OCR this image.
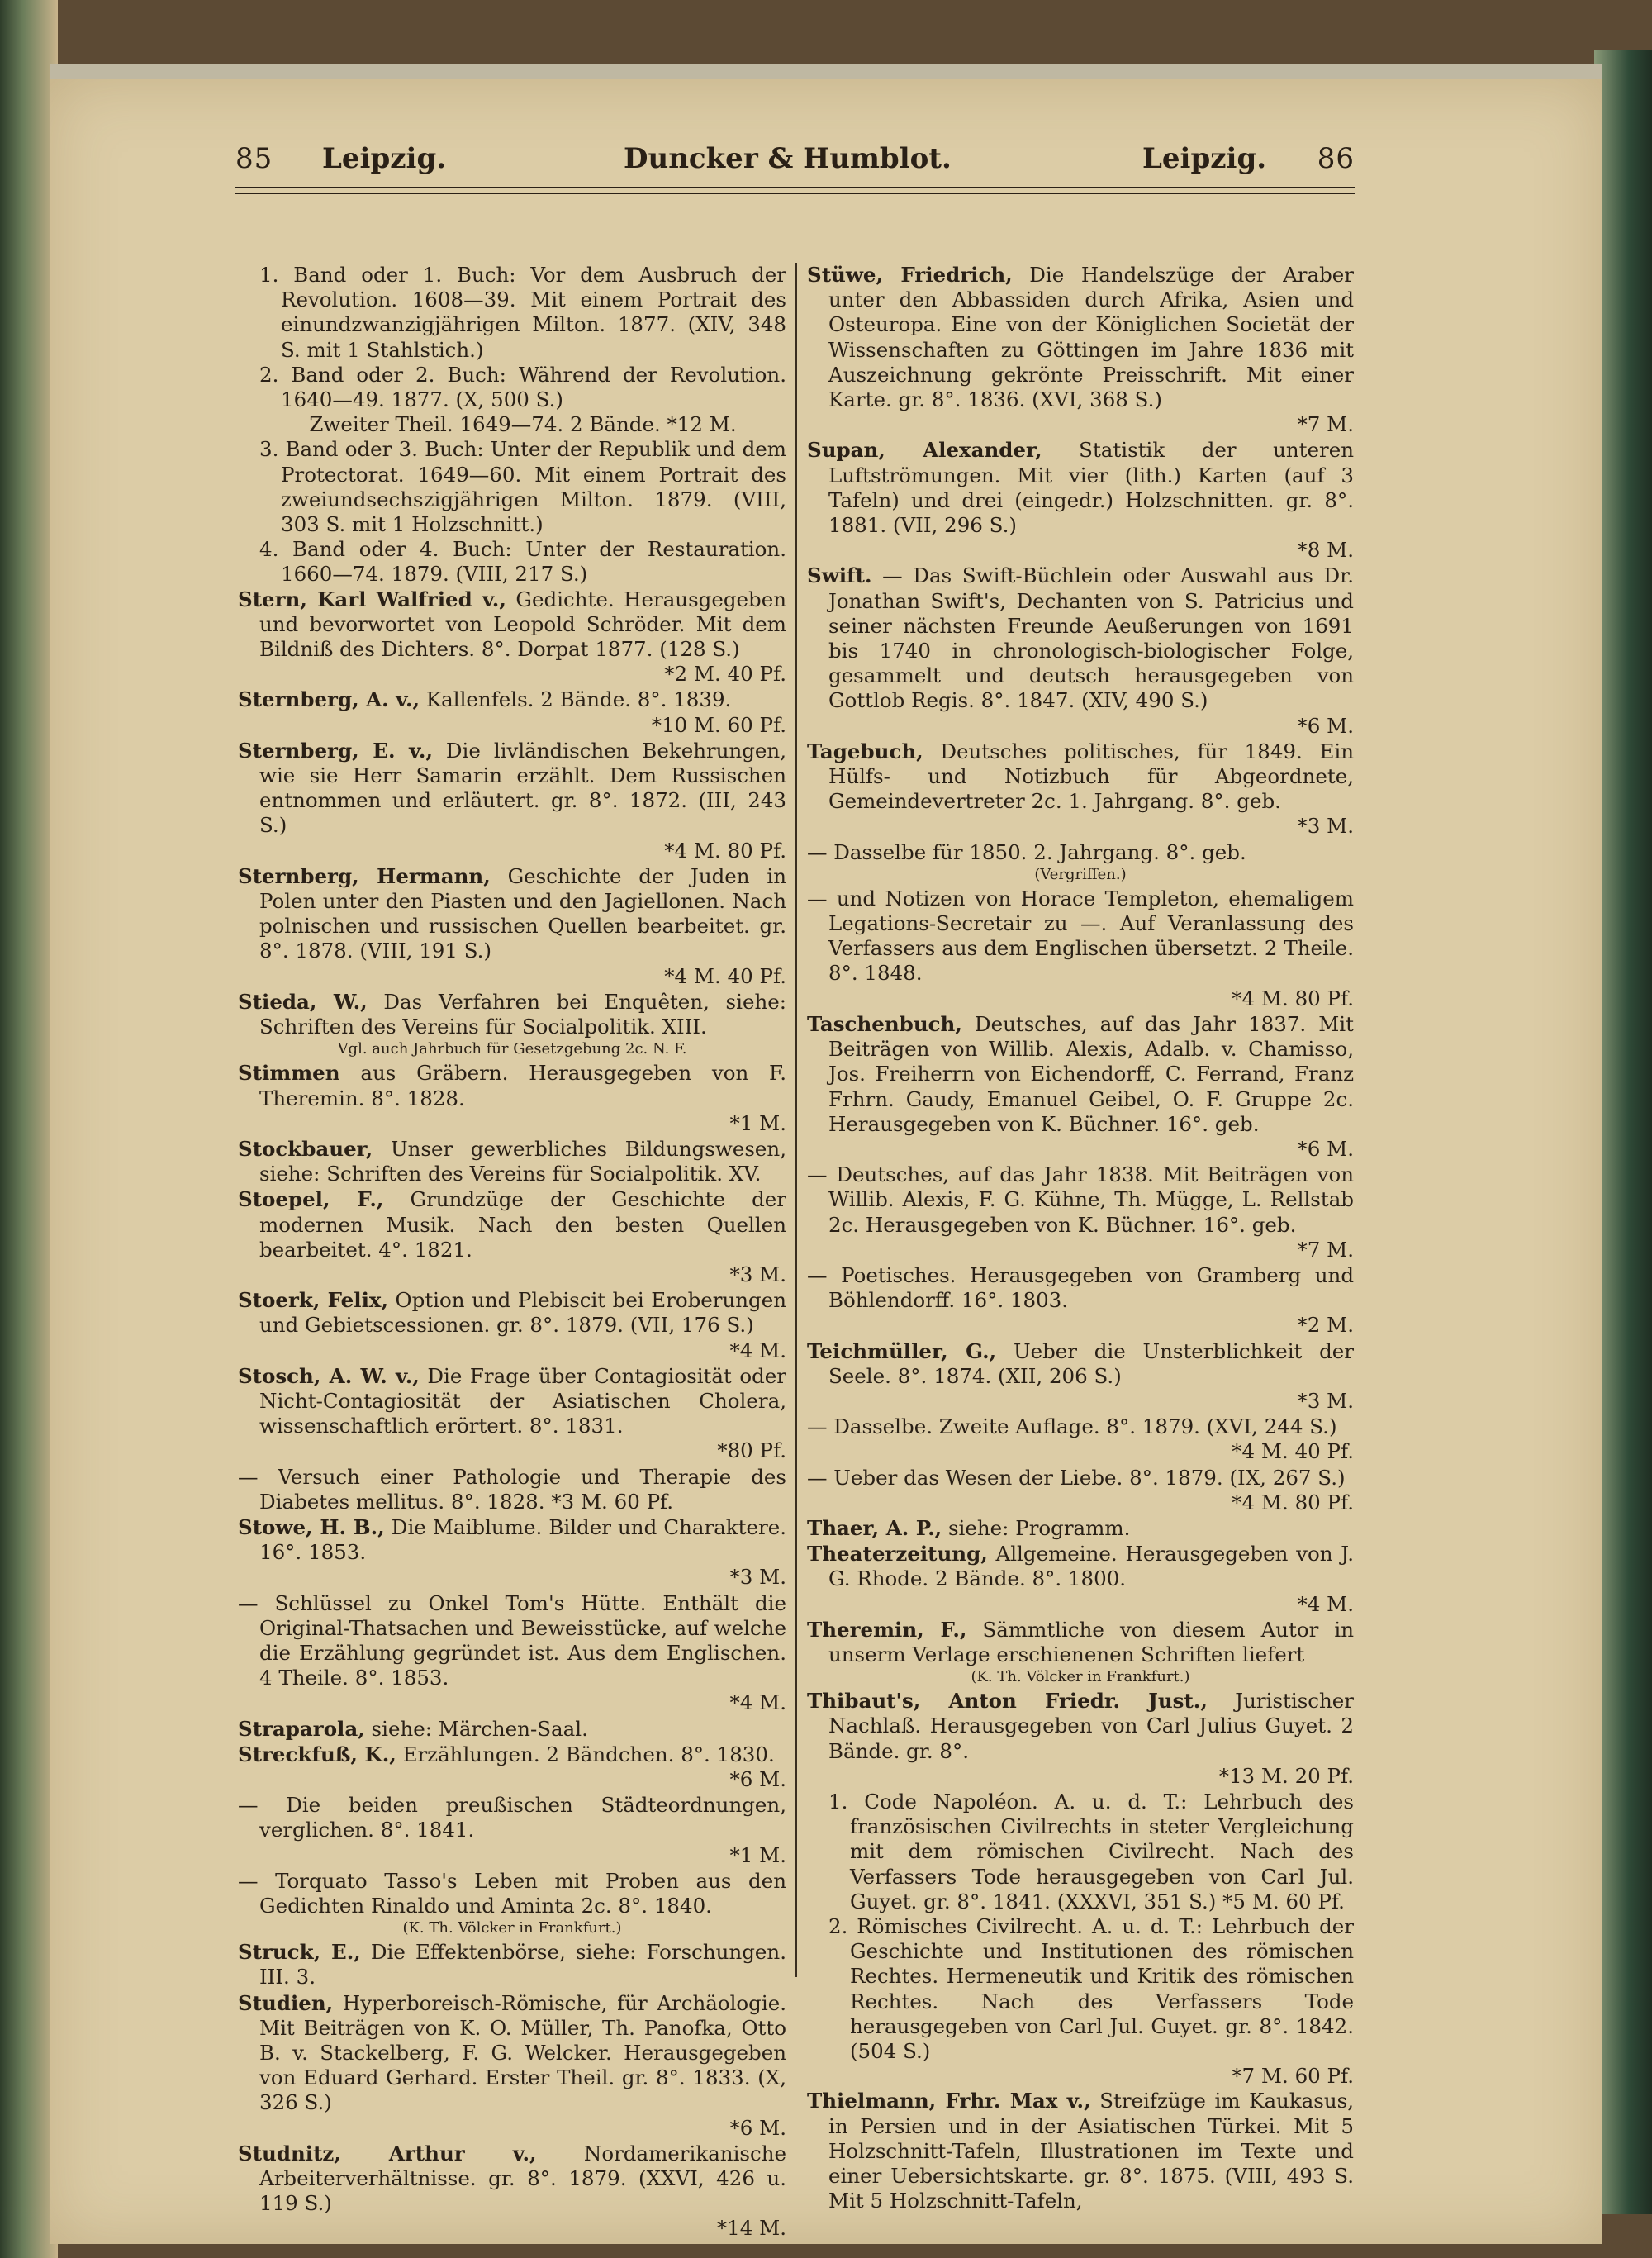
85 Leipzig.	Duncker & Humblot.	Leipzig. 86

1. Band oder 1. Buch: Vor dem Ausbruch der Revolution. 1608—39. Mit einem Portrait des einundzwanzigjährigen Milton. 1877. (XIV, 348 S. mit 1 Stahlstich.)

2. Band oder 2. Buch: Während der Revolution. 1640—49. 1877. (X, 500 S.)

Zweiter Theil. 1649—74. 2 Bände. *12 M.

3. Band oder 3. Buch: Unter der Republik und dem Protectorat. 1649—60. Mit einem Portrait des zweiundsechszigjährigen Milton. 1879. (VIII, 303 S. mit 1 Holzschnitt.)

4. Band oder 4. Buch: Unter der Restauration. 1660—74. 1879. (VIII, 217 S.)

Stern, Karl Walfried v., Gedichte. Herausgegeben und bevorwortet von Leopold Schröder. Mit dem Bildniß des Dichters. 8°. Dorpat 1877. (128 S.)
*2 M. 40 Pf.

Sternberg, A. v., Kallenfels. 2 Bände. 8°. 1839.
*10 M. 60 Pf.

Sternberg, E. v., Die livländischen Bekehrungen, wie sie Herr Samarin erzählt. Dem Russischen entnommen und erläutert. gr. 8°. 1872. (III, 243 S.)
*4 M. 80 Pf.

Sternberg, Hermann, Geschichte der Juden in Polen unter den Piasten und den Jagiellonen. Nach polnischen und russischen Quellen bearbeitet. gr. 8°. 1878. (VIII, 191 S.)
*4 M. 40 Pf.

Stieda, W., Das Verfahren bei Enquêten, siehe: Schriften des Vereins für Socialpolitik. XIII.

Vgl. auch Jahrbuch für Gesetzgebung 2c. N. F.

Stimmen aus Gräbern. Herausgegeben von F. Theremin. 8°. 1828.
*1 M.

Stockbauer, Unser gewerbliches Bildungswesen, siehe: Schriften des Vereins für Socialpolitik. XV.

Stoepel, F., Grundzüge der Geschichte der modernen Musik. Nach den besten Quellen bearbeitet. 4°. 1821.
*3 M.

Stoerk, Felix, Option und Plebiscit bei Eroberungen und Gebietscessionen. gr. 8°. 1879. (VII, 176 S.)
*4 M.

Stosch, A. W. v., Die Frage über Contagiosität oder Nicht-Contagiosität der Asiatischen Cholera, wissenschaftlich erörtert. 8°. 1831.
*80 Pf.

— Versuch einer Pathologie und Therapie des Diabetes mellitus. 8°. 1828. *3 M. 60 Pf.

Stowe, H. B., Die Maiblume. Bilder und Charaktere. 16°. 1853.
*3 M.

— Schlüssel zu Onkel Tom's Hütte. Enthält die Original-Thatsachen und Beweisstücke, auf welche die Erzählung gegründet ist. Aus dem Englischen. 4 Theile. 8°. 1853.
*4 M.

Straparola, siehe: Märchen-Saal.

Streckfuß, K., Erzählungen. 2 Bändchen. 8°. 1830.
*6 M.

— Die beiden preußischen Städteordnungen, verglichen. 8°. 1841.
*1 M.

— Torquato Tasso's Leben mit Proben aus den Gedichten Rinaldo und Aminta 2c. 8°. 1840.

(K. Th. Völcker in Frankfurt.)

Struck, E., Die Effektenbörse, siehe: Forschungen. III. 3.

Studien, Hyperboreisch-Römische, für Archäologie. Mit Beiträgen von K. O. Müller, Th. Panofka, Otto B. v. Stackelberg, F. G. Welcker. Herausgegeben von Eduard Gerhard. Erster Theil. gr. 8°. 1833. (X, 326 S.)
*6 M.

Studnitz, Arthur v., Nordamerikanische Arbeiterverhältnisse. gr. 8°. 1879. (XXVI, 426 u. 119 S.)
*14 M.

Stüwe, Friedrich, Die Handelszüge der Araber unter den Abbassiden durch Afrika, Asien und Osteuropa. Eine von der Königlichen Societät der Wissenschaften zu Göttingen im Jahre 1836 mit Auszeichnung gekrönte Preisschrift. Mit einer Karte. gr. 8°. 1836. (XVI, 368 S.)
*7 M.

Supan, Alexander, Statistik der unteren Luftströmungen. Mit vier (lith.) Karten (auf 3 Tafeln) und drei (eingedr.) Holzschnitten. gr. 8°. 1881. (VII, 296 S.)
*8 M.

Swift. — Das Swift-Büchlein oder Auswahl aus Dr. Jonathan Swift's, Dechanten von S. Patricius und seiner nächsten Freunde Aeußerungen von 1691 bis 1740 in chronologisch-biologischer Folge, gesammelt und deutsch herausgegeben von Gottlob Regis. 8°. 1847. (XIV, 490 S.)
*6 M.

Tagebuch, Deutsches politisches, für 1849. Ein Hülfs- und Notizbuch für Abgeordnete, Gemeindevertreter 2c. 1. Jahrgang. 8°. geb.
*3 M.

— Dasselbe für 1850. 2. Jahrgang. 8°. geb.

(Vergriffen.)

— und Notizen von Horace Templeton, ehemaligem Legations-Secretair zu —. Auf Veranlassung des Verfassers aus dem Englischen übersetzt. 2 Theile. 8°. 1848.
*4 M. 80 Pf.

Taschenbuch, Deutsches, auf das Jahr 1837. Mit Beiträgen von Willib. Alexis, Adalb. v. Chamisso, Jos. Freiherrn von Eichendorff, C. Ferrand, Franz Frhrn. Gaudy, Emanuel Geibel, O. F. Gruppe 2c. Herausgegeben von K. Büchner. 16°. geb.
*6 M.

— Deutsches, auf das Jahr 1838. Mit Beiträgen von Willib. Alexis, F. G. Kühne, Th. Mügge, L. Rellstab 2c. Herausgegeben von K. Büchner. 16°. geb.
*7 M.

— Poetisches. Herausgegeben von Gramberg und Böhlendorff. 16°. 1803.
*2 M.

Teichmüller, G., Ueber die Unsterblichkeit der Seele. 8°. 1874. (XII, 206 S.)
*3 M.

— Dasselbe. Zweite Auflage. 8°. 1879. (XVI, 244 S.)
*4 M. 40 Pf.

— Ueber das Wesen der Liebe. 8°. 1879. (IX, 267 S.)
*4 M. 80 Pf.

Thaer, A. P., siehe: Programm.

Theaterzeitung, Allgemeine. Herausgegeben von J. G. Rhode. 2 Bände. 8°. 1800.
*4 M.

Theremin, F., Sämmtliche von diesem Autor in unserm Verlage erschienenen Schriften liefert

(K. Th. Völcker in Frankfurt.)

Thibaut's, Anton Friedr. Just., Juristischer Nachlaß. Herausgegeben von Carl Julius Guyet. 2 Bände. gr. 8°.
*13 M. 20 Pf.

1. Code Napoléon. A. u. d. T.: Lehrbuch des französischen Civilrechts in steter Vergleichung mit dem römischen Civilrecht. Nach des Verfassers Tode herausgegeben von Carl Jul. Guyet. gr. 8°. 1841. (XXXVI, 351 S.) *5 M. 60 Pf.

2. Römisches Civilrecht. A. u. d. T.: Lehrbuch der Geschichte und Institutionen des römischen Rechtes. Hermeneutik und Kritik des römischen Rechtes. Nach des Verfassers Tode herausgegeben von Carl Jul. Guyet. gr. 8°. 1842. (504 S.)
*7 M. 60 Pf.

Thielmann, Frhr. Max v., Streifzüge im Kaukasus, in Persien und in der Asiatischen Türkei. Mit 5 Holzschnitt-Tafeln, Illustrationen im Texte und einer Uebersichtskarte. gr. 8°. 1875. (VIII, 493 S. Mit 5 Holzschnitt-Tafeln,
